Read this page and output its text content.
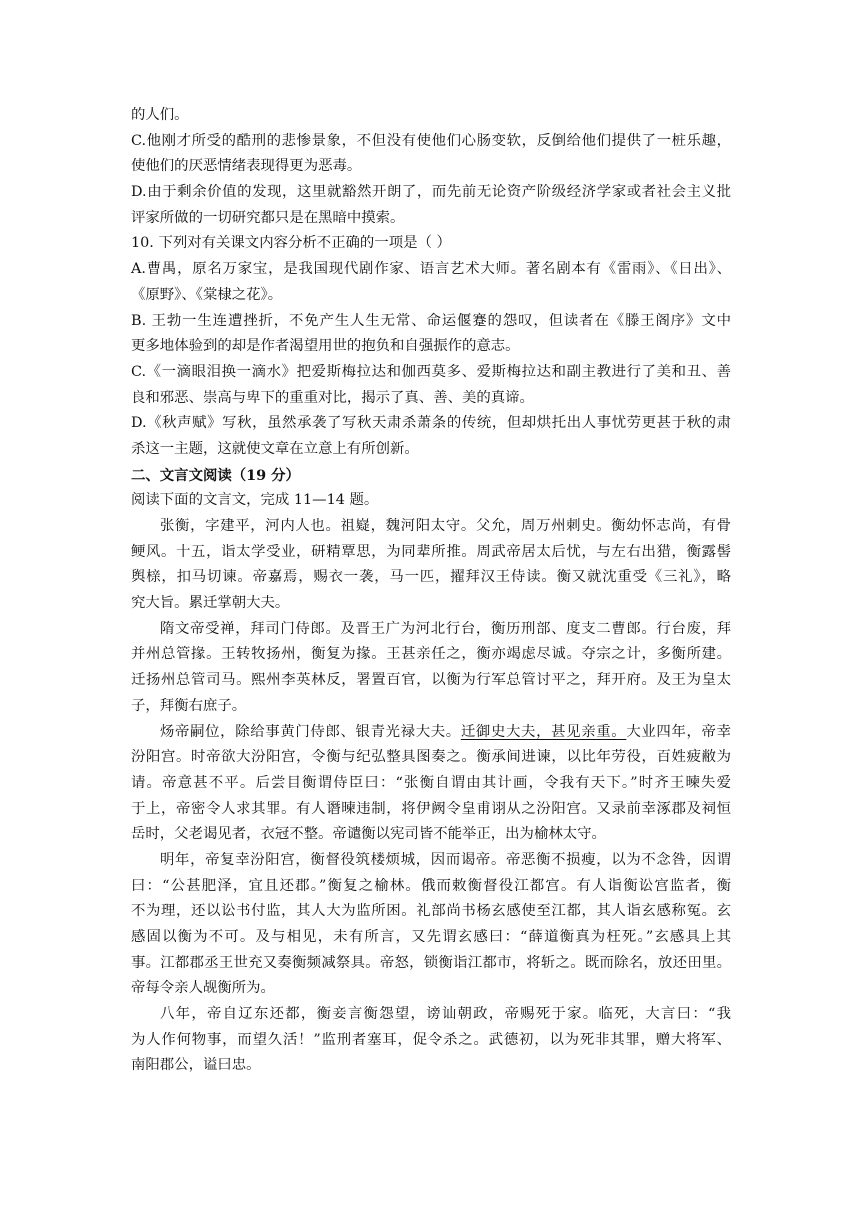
的人们。
C.他刚才所受的酷刑的悲惨景象，不但没有使他们心肠变软，反倒给他们提供了一桩乐趣，
使他们的厌恶情绪表现得更为恶毒。
D.由于剩余价值的发现，这里就豁然开朗了，而先前无论资产阶级经济学家或者社会主义批
评家所做的一切研究都只是在黑暗中摸索。
10. 下列对有关课文内容分析不正确的一项是（ ）
A.曹禺，原名万家宝，是我国现代剧作家、语言艺术大师。著名剧本有《雷雨》、《日出》、
《原野》、《棠棣之花》。
B. 王勃一生连遭挫折，不免产生人生无常、命运偃蹇的怨叹，但读者在《滕王阁序》文中
更多地体验到的却是作者渴望用世的抱负和自强振作的意志。
C.《一滴眼泪换一滴水》把爱斯梅拉达和伽西莫多、爱斯梅拉达和副主教进行了美和丑、善
良和邪恶、崇高与卑下的重重对比，揭示了真、善、美的真谛。
D.《秋声赋》写秋，虽然承袭了写秋天肃杀萧条的传统，但却烘托出人事忧劳更甚于秋的肃
杀这一主题，这就使文章在立意上有所创新。
二、文言文阅读（19 分）
阅读下面的文言文，完成 11—14 题。
张衡，字建平，河内人也。祖嶷，魏河阳太守。父允，周万州刺史。衡幼怀志尚，有骨
鲠风。十五，诣太学受业，研精覃思，为同辈所推。周武帝居太后忧，与左右出猎，衡露髻
舆榇，扣马切谏。帝嘉焉，赐衣一袭，马一匹，擢拜汉王侍读。衡又就沈重受《三礼》，略
究大旨。累迁掌朝大夫。
隋文帝受禅，拜司门侍郎。及晋王广为河北行台，衡历刑部、度支二曹郎。行台废，拜
并州总管掾。王转牧扬州，衡复为掾。王甚亲任之，衡亦竭虑尽诚。夺宗之计，多衡所建。
迁扬州总管司马。熙州李英林反，署置百官，以衡为行军总管讨平之，拜开府。及王为皇太
子，拜衡右庶子。
炀帝嗣位，除给事黄门侍郎、银青光禄大夫。迁御史大夫，甚见亲重。大业四年，帝幸
汾阳宫。时帝欲大汾阳宫，令衡与纪弘整具图奏之。衡承间进谏，以比年劳役，百姓疲敝为
请。帝意甚不平。后尝目衡谓侍臣曰：“张衡自谓由其计画，令我有天下。”时齐王暕失爱
于上，帝密令人求其罪。有人谮暕违制，将伊阙令皇甫诩从之汾阳宫。又录前幸涿郡及祠恒
岳时，父老谒见者，衣冠不整。帝谴衡以宪司皆不能举正，出为榆林太守。
明年，帝复幸汾阳宫，衡督役筑楼烦城，因而谒帝。帝恶衡不损瘦，以为不念咎，因谓
曰：“公甚肥泽，宜且还郡。”衡复之榆林。俄而敕衡督役江都宫。有人诣衡讼宫监者，衡
不为理，还以讼书付监，其人大为监所困。礼部尚书杨玄感使至江都，其人诣玄感称冤。玄
感固以衡为不可。及与相见，未有所言，又先谓玄感曰：“薛道衡真为枉死。”玄感具上其
事。江都郡丞王世充又奏衡频减祭具。帝怒，锁衡诣江都市，将斩之。既而除名，放还田里。
帝每令亲人觇衡所为。
八年，帝自辽东还都，衡妾言衡怨望，谤讪朝政，帝赐死于家。临死，大言曰：“我
为人作何物事，而望久活！”监刑者塞耳，促令杀之。武德初，以为死非其罪，赠大将军、
南阳郡公，谥曰忠。
